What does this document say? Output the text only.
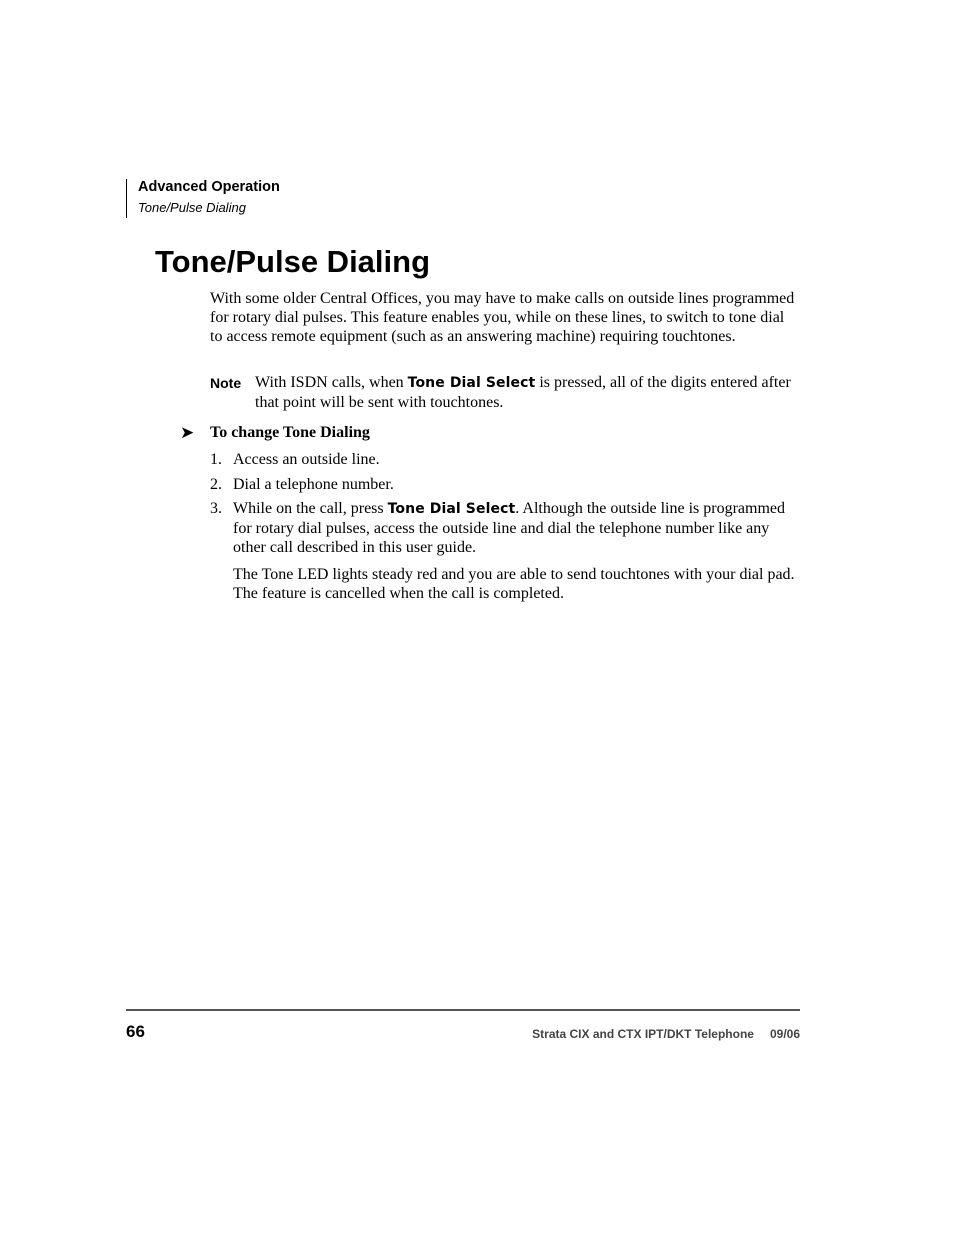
Advanced Operation
Tone/Pulse Dialing
Tone/Pulse Dialing

With some older Central Offices, you may have to make calls on outside lines programmed for rotary dial pulses. This feature enables you, while on these lines, to switch to tone dial to access remote equipment (such as an answering machine) requiring touchtones.

Note With ISDN calls, when Tone Dial Select is pressed, all of the digits entered after that point will be sent with touchtones.

➤ To change Tone Dialing

1. Access an outside line.

2. Dial a telephone number.

3. While on the call, press Tone Dial Select. Although the outside line is programmed for rotary dial pulses, access the outside line and dial the telephone number like any other call described in this user guide.

The Tone LED lights steady red and you are able to send touchtones with your dial pad. The feature is cancelled when the call is completed.

66	Strata CIX and CTX IPT/DKT Telephone 09/06
